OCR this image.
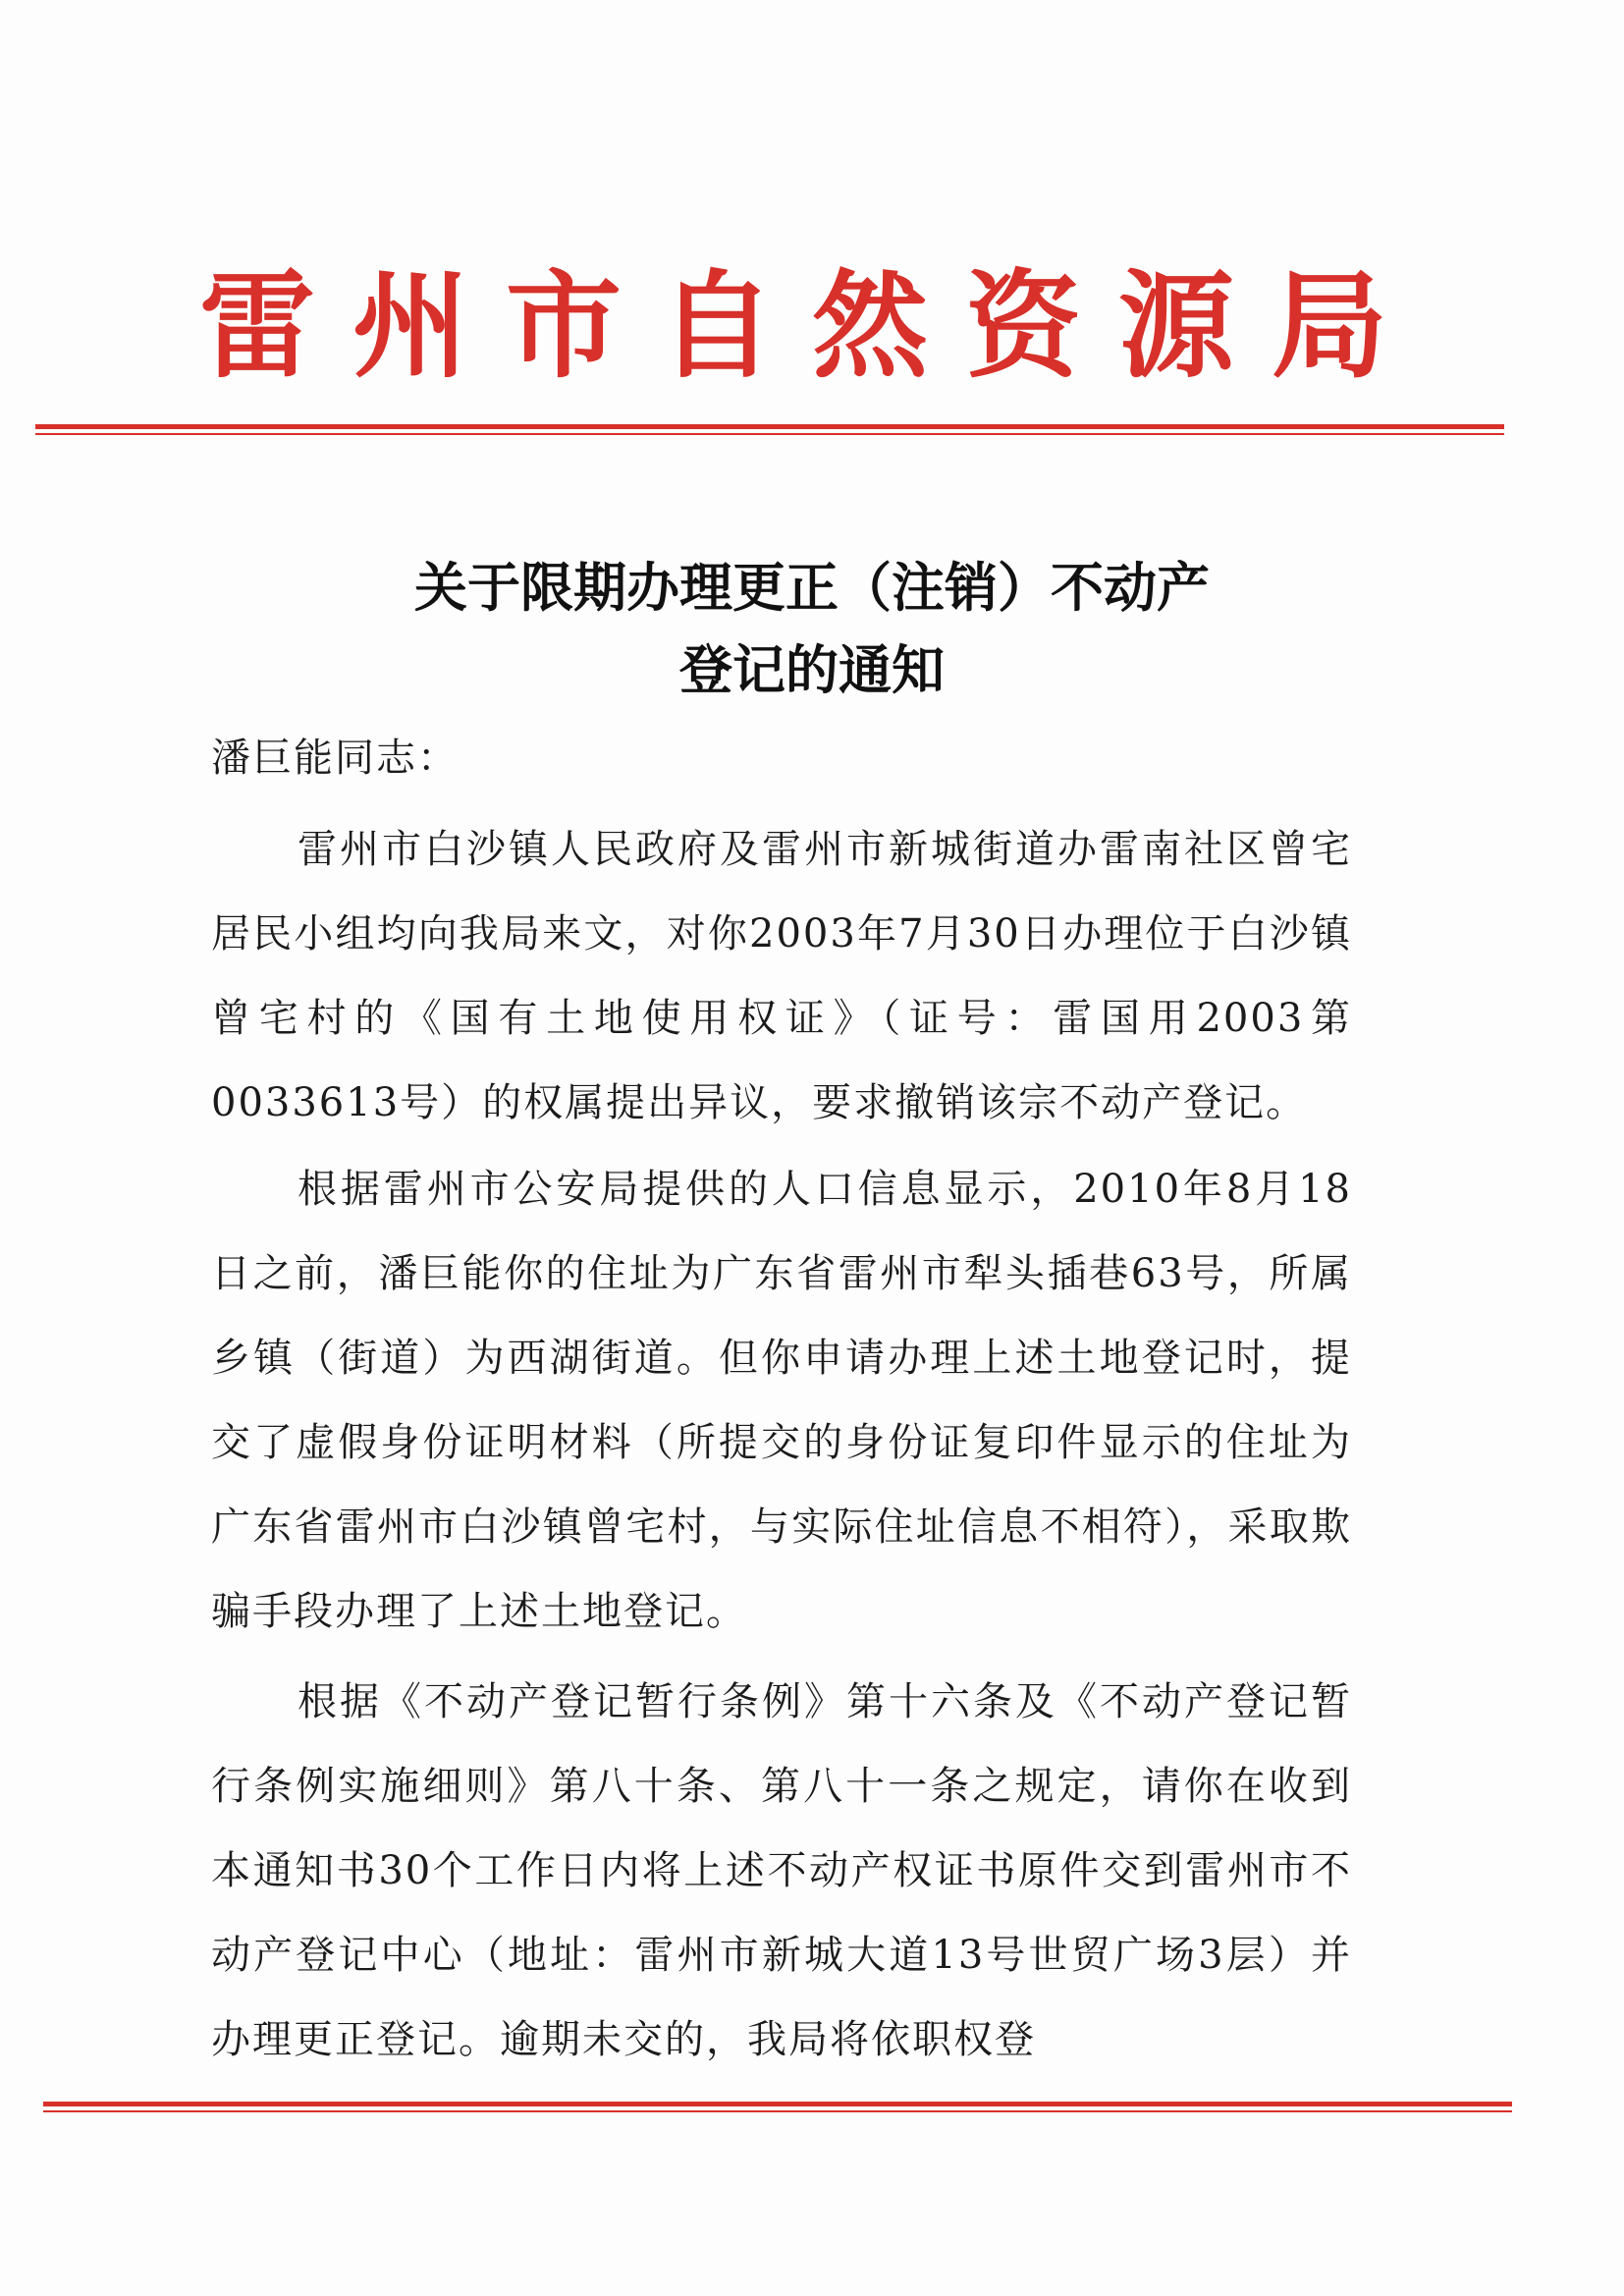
雷州市自然资源局
关于限期办理更正（注销）不动产
登记的通知
潘巨能同志：

雷州市白沙镇人民政府及雷州市新城街道办雷南社区曾宅居民小组均向我局来文，对你2003年7月30日办理位于白沙镇曾宅村的《国有土地使用权证》（证号：雷国用2003第0033613号）的权属提出异议，要求撤销该宗不动产登记。

根据雷州市公安局提供的人口信息显示，2010年8月18日之前，潘巨能你的住址为广东省雷州市犁头插巷63号，所属乡镇（街道）为西湖街道。但你申请办理上述土地登记时，提交了虚假身份证明材料（所提交的身份证复印件显示的住址为广东省雷州市白沙镇曾宅村，与实际住址信息不相符），采取欺骗手段办理了上述土地登记。

根据《不动产登记暂行条例》第十六条及《不动产登记暂行条例实施细则》第八十条、第八十一条之规定，请你在收到本通知书30个工作日内将上述不动产权证书原件交到雷州市不动产登记中心（地址：雷州市新城大道13号世贸广场3层）并办理更正登记。逾期未交的，我局将依职权登
